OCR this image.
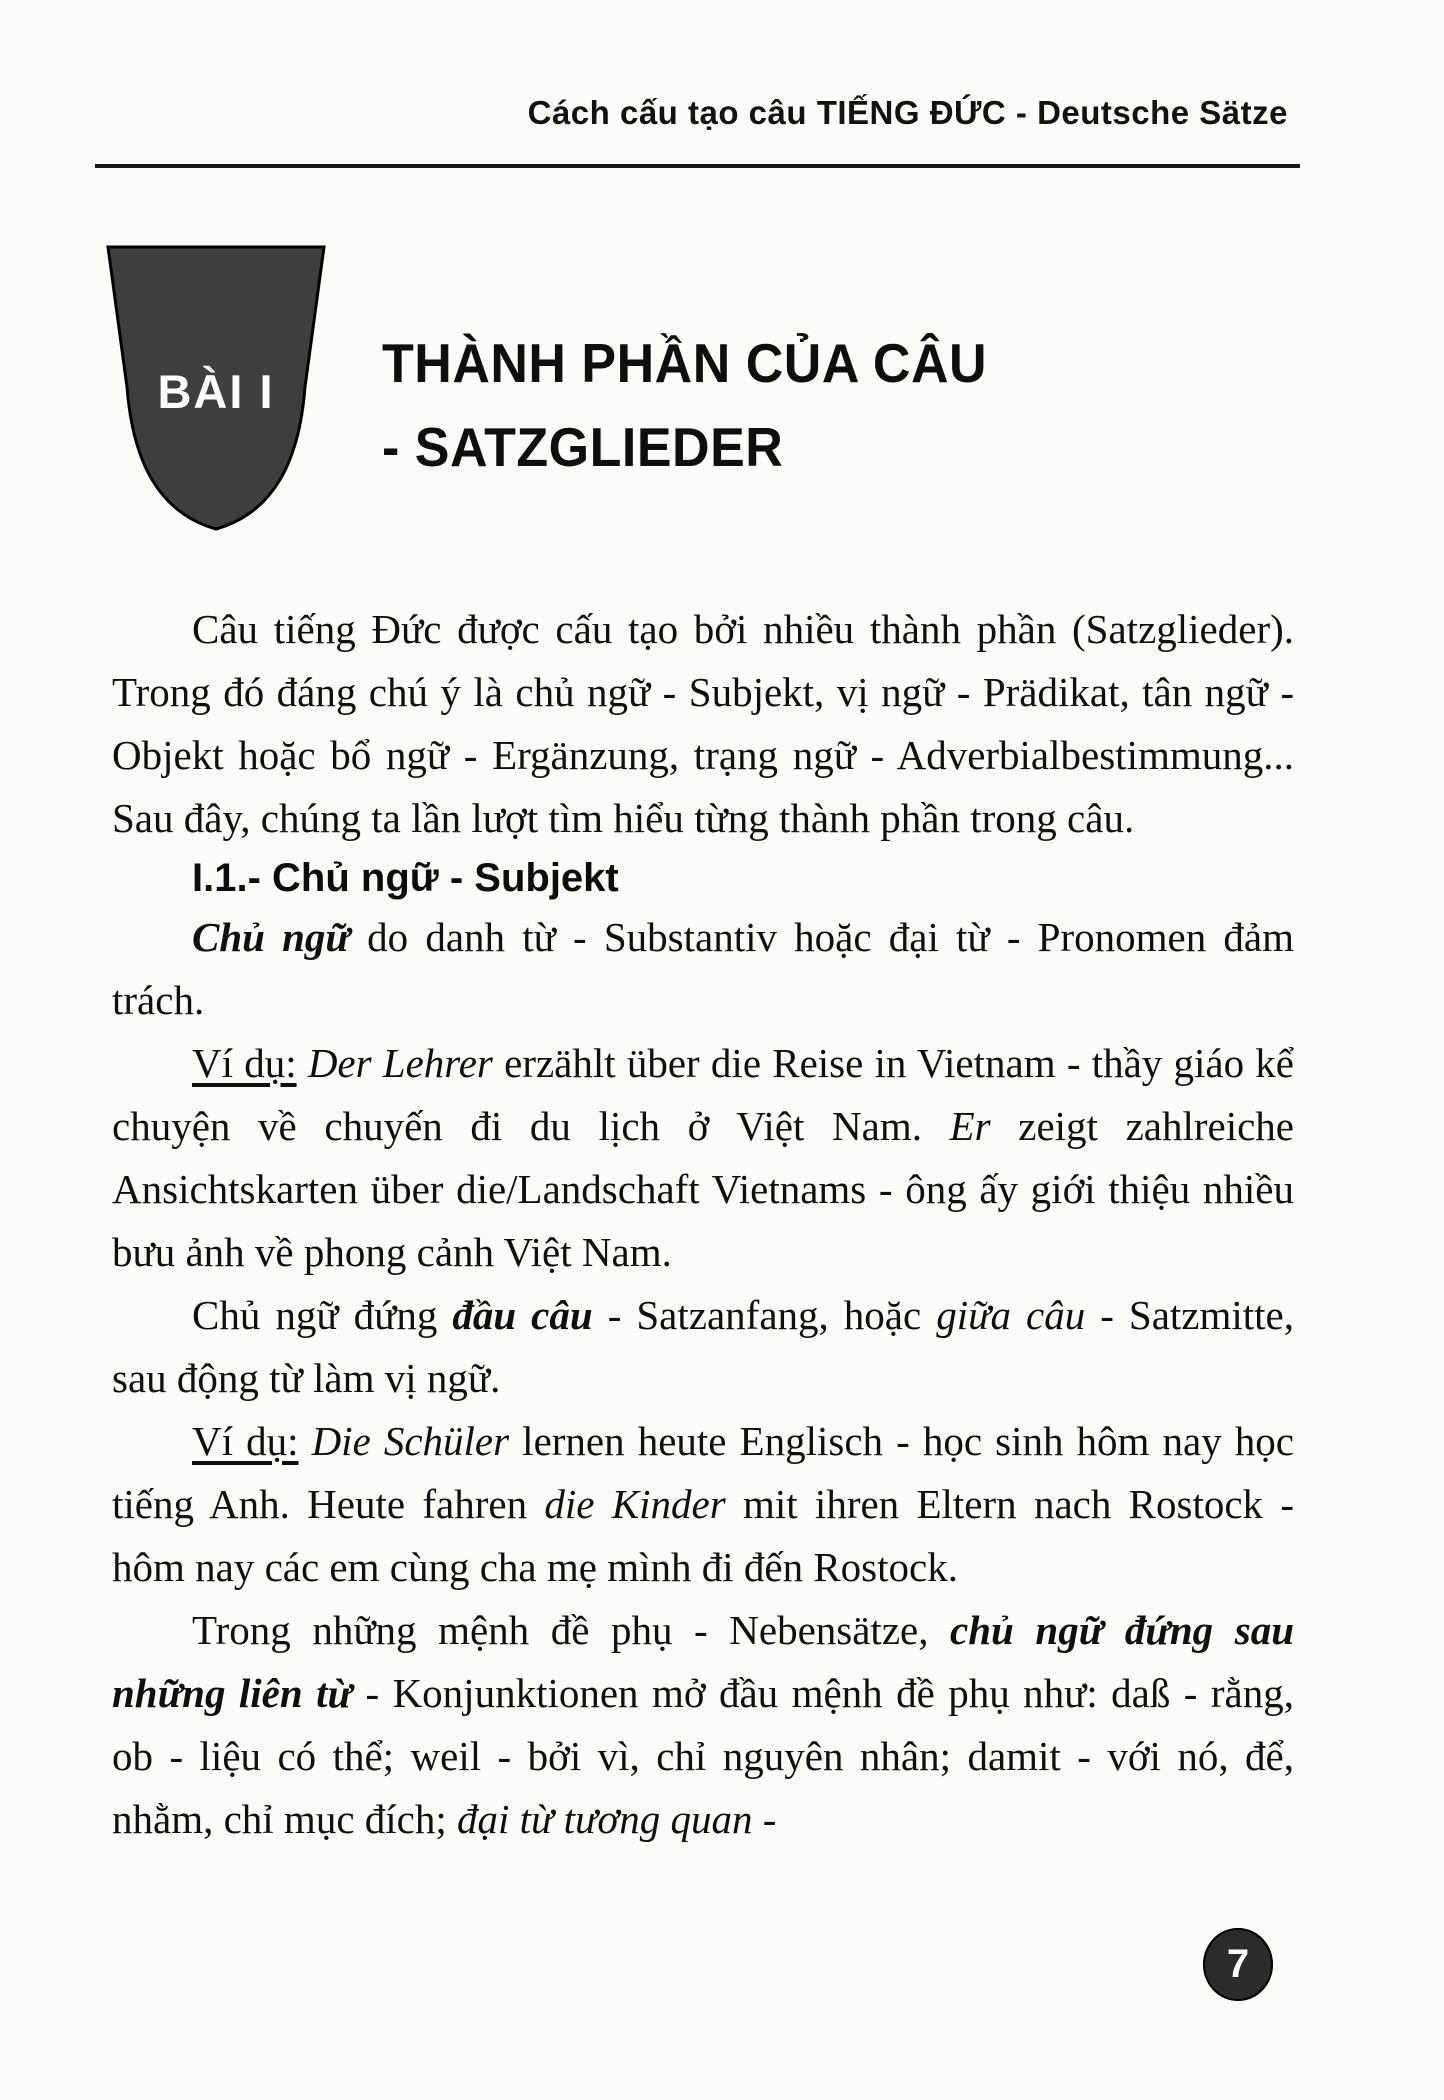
Cách cấu tạo câu TIẾNG ĐỨC - Deutsche Sätze
BÀI I THÀNH PHẦN CỦA CÂU
- SATZGLIEDER

Câu tiếng Đức được cấu tạo bởi nhiều thành phần (Satzglieder). Trong đó đáng chú ý là chủ ngữ - Subjekt, vị ngữ - Prädikat, tân ngữ - Objekt hoặc bổ ngữ - Ergänzung, trạng ngữ - Adverbialbestimmung... Sau đây, chúng ta lần lượt tìm hiểu từng thành phần trong câu.

I.1.- Chủ ngữ - Subjekt

Chủ ngữ do danh từ - Substantiv hoặc đại từ - Pronomen đảm trách.

Ví dụ: Der Lehrer erzählt über die Reise in Vietnam - thầy giáo kể chuyện về chuyến đi du lịch ở Việt Nam. Er zeigt zahlreiche Ansichtskarten über die/Landschaft Vietnams - ông ấy giới thiệu nhiều bưu ảnh về phong cảnh Việt Nam.

Chủ ngữ đứng đầu câu - Satzanfang, hoặc giữa câu - Satzmitte, sau động từ làm vị ngữ.

Ví dụ: Die Schüler lernen heute Englisch - học sinh hôm nay học tiếng Anh. Heute fahren die Kinder mit ihren Eltern nach Rostock - hôm nay các em cùng cha mẹ mình đi đến Rostock.

Trong những mệnh đề phụ - Nebensätze, chủ ngữ đứng sau những liên từ - Konjunktionen mở đầu mệnh đề phụ như: daß - rằng, ob - liệu có thể; weil - bởi vì, chỉ nguyên nhân; damit - với nó, để, nhằm, chỉ mục đích; đại từ tương quan -

7
